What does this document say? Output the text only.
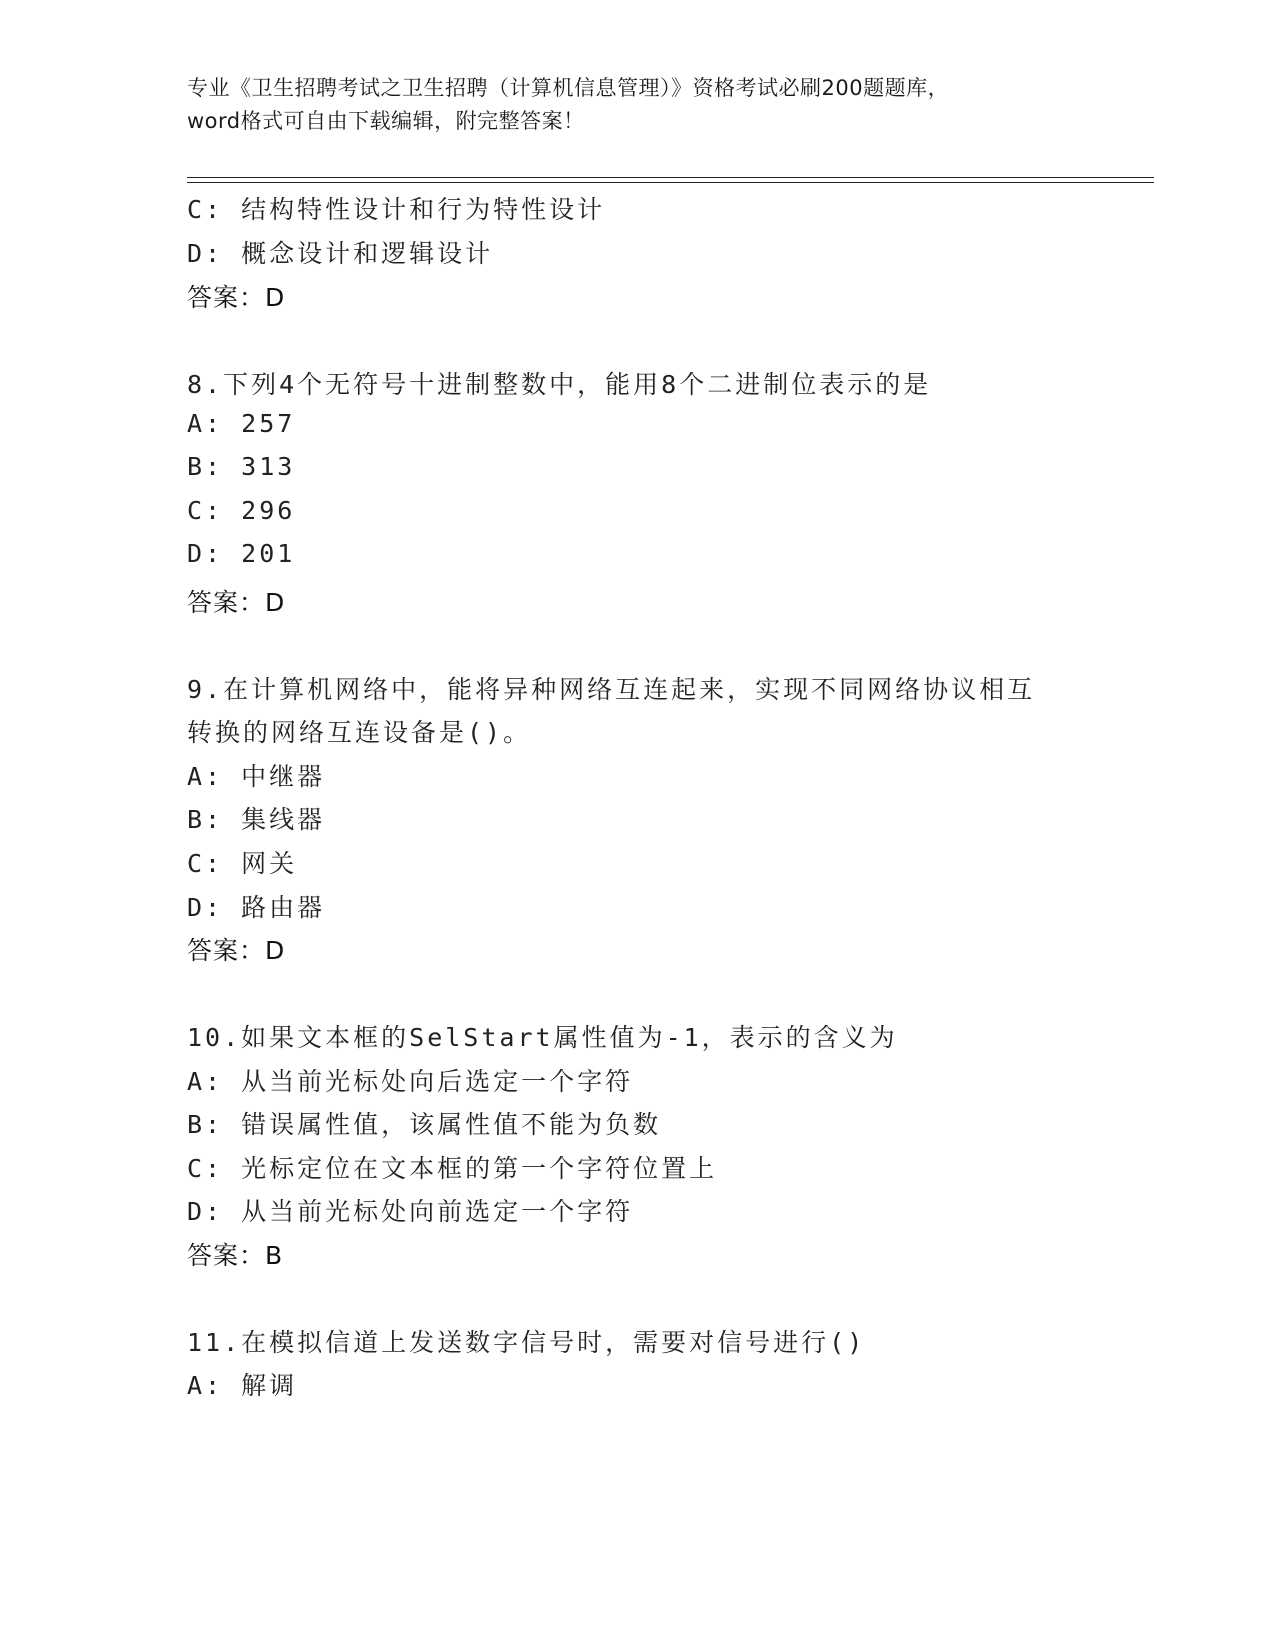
专业《卫生招聘考试之卫生招聘（计算机信息管理）》资格考试必刷200题题库，
word格式可自由下载编辑，附完整答案！
C: 结构特性设计和行为特性设计
D: 概念设计和逻辑设计
答案：D
8.下列4个无符号十进制整数中，能用8个二进制位表示的是
A: 257
B: 313
C: 296
D: 201
答案：D
9.在计算机网络中，能将异种网络互连起来，实现不同网络协议相互
转换的网络互连设备是()。
A: 中继器
B: 集线器
C: 网关
D: 路由器
答案：D
10.如果文本框的SelStart属性值为-1，表示的含义为
A: 从当前光标处向后选定一个字符
B: 错误属性值，该属性值不能为负数
C: 光标定位在文本框的第一个字符位置上
D: 从当前光标处向前选定一个字符
答案：B
11.在模拟信道上发送数字信号时，需要对信号进行()
A: 解调
